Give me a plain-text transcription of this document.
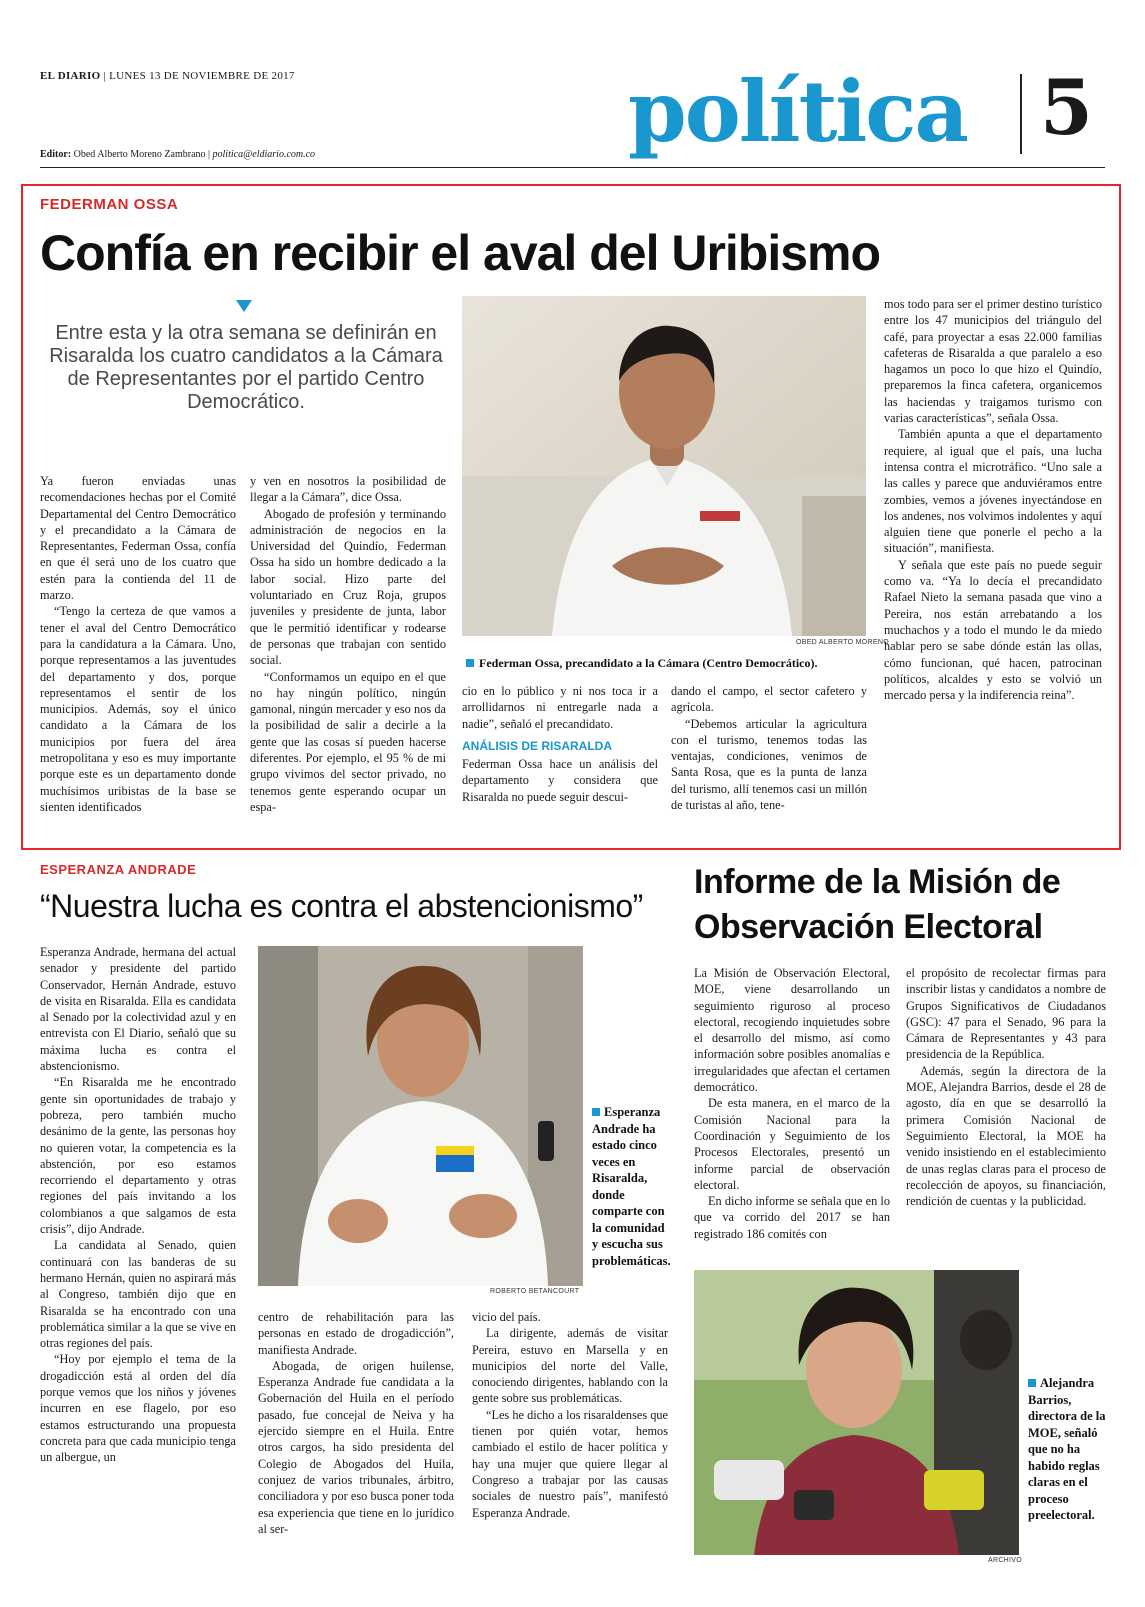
EL DIARIO | LUNES 13 DE NOVIEMBRE DE 2017
Editor: Obed Alberto Moreno Zambrano | politica@eldiario.com.co	política 5
FEDERMAN OSSA
Confía en recibir el aval del Uribismo
Entre esta y la otra semana se definirán en Risaralda los cuatro candidatos a la Cámara de Representantes por el partido Centro Democrático.

Ya fueron enviadas unas recomendaciones hechas por el Comité Departamental del Centro Democrático y el precandidato a la Cámara de Representantes, Federman Ossa, confía en que él será uno de los cuatro que estén para la contienda del 11 de marzo.

“Tengo la certeza de que vamos a tener el aval del Centro Democrático para la candidatura a la Cámara. Uno, porque representamos a las juventudes del departamento y dos, porque representamos el sentir de los municipios. Además, soy el único candidato a la Cámara de los municipios por fuera del área metropolitana y eso es muy importante porque este es un departamento donde muchísimos uribistas de la base se sienten identificados

y ven en nosotros la posibilidad de llegar a la Cámara”, dice Ossa.

Abogado de profesión y terminando administración de negocios en la Universidad del Quindío, Federman Ossa ha sido un hombre dedicado a la labor social. Hizo parte del voluntariado en Cruz Roja, grupos juveniles y presidente de junta, labor que le permitió identificar y rodearse de personas que trabajan con sentido social.

“Conformamos un equipo en el que no hay ningún político, ningún gamonal, ningún mercader y eso nos da la posibilidad de salir a decirle a la gente que las cosas sí pueden hacerse diferentes. Por ejemplo, el 95 % de mi grupo vivimos del sector privado, no tenemos gente esperando ocupar un espa-

OBED ALBERTO MORENO
Federman Ossa, precandidato a la Cámara (Centro Democrático).

cio en lo público y ni nos toca ir a arrollidarnos ni entregarle nada a nadie”, señaló el precandidato.

ANÁLISIS DE RISARALDA

Federman Ossa hace un análisis del departamento y considera que Risaralda no puede seguir descui-

dando el campo, el sector cafetero y agrícola.

“Debemos articular la agricultura con el turismo, tenemos todas las ventajas, condiciones, venimos de Santa Rosa, que es la punta de lanza del turismo, allí tenemos casi un millón de turistas al año, tene-

mos todo para ser el primer destino turístico entre los 47 municipios del triángulo del café, para proyectar a esas 22.000 familias cafeteras de Risaralda a que paralelo a eso hagamos un poco lo que hizo el Quindío, preparemos la finca cafetera, organicemos las haciendas y traigamos turismo con varias características”, señala Ossa.

También apunta a que el departamento requiere, al igual que el país, una lucha intensa contra el microtráfico. “Uno sale a las calles y parece que anduviéramos entre zombies, vemos a jóvenes inyectándose en los andenes, nos volvimos indolentes y aquí alguien tiene que ponerle el pecho a la situación”, manifiesta.

Y señala que este país no puede seguir como va. “Ya lo decía el precandidato Rafael Nieto la semana pasada que vino a Pereira, nos están arrebatando a los muchachos y a todo el mundo le da miedo hablar pero se sabe dónde están las ollas, cómo funcionan, qué hacen, patrocinan políticos, alcaldes y esto se volvió un mercado persa y la indiferencia reina”.

ESPERANZA ANDRADE
“Nuestra lucha es contra el abstencionismo”

Esperanza Andrade, hermana del actual senador y presidente del partido Conservador, Hernán Andrade, estuvo de visita en Risaralda. Ella es candidata al Senado por la colectividad azul y en entrevista con El Diario, señaló que su máxima lucha es contra el abstencionismo.

“En Risaralda me he encontrado gente sin oportunidades de trabajo y pobreza, pero también mucho desánimo de la gente, las personas hoy no quieren votar, la competencia es la abstención, por eso estamos recorriendo el departamento y otras regiones del país invitando a los colombianos a que salgamos de esta crisis”, dijo Andrade.

La candidata al Senado, quien continuará con las banderas de su hermano Hernán, quien no aspirará más al Congreso, también dijo que en Risaralda se ha encontrado con una problemática similar a la que se vive en otras regiones del país.

“Hoy por ejemplo el tema de la drogadicción está al orden del día porque vemos que los niños y jóvenes incurren en ese flagelo, por eso estamos estructurando una propuesta concreta para que cada municipio tenga un albergue, un

ROBERTO BETANCOURT
Esperanza Andrade ha estado cinco veces en Risaralda, donde comparte con la comunidad y escucha sus problemáticas.

centro de rehabilitación para las personas en estado de drogadicción”, manifiesta Andrade.

Abogada, de origen huilense, Esperanza Andrade fue candidata a la Gobernación del Huila en el período pasado, fue concejal de Neiva y ha ejercido siempre en el Huila. Entre otros cargos, ha sido presidenta del Colegio de Abogados del Huila, conjuez de varios tribunales, árbitro, conciliadora y por eso busca poner toda esa experiencia que tiene en lo jurídico al ser-

vicio del país.

La dirigente, además de visitar Pereira, estuvo en Marsella y en municipios del norte del Valle, conociendo dirigentes, hablando con la gente sobre sus problemáticas.

“Les he dicho a los risaraldenses que tienen por quién votar, hemos cambiado el estilo de hacer política y hay una mujer que quiere llegar al Congreso a trabajar por las causas sociales de nuestro país”, manifestó Esperanza Andrade.

Informe de la Misión de
Observación Electoral

La Misión de Observación Electoral, MOE, viene desarrollando un seguimiento riguroso al proceso electoral, recogiendo inquietudes sobre el desarrollo del mismo, así como información sobre posibles anomalías e irregularidades que afectan el certamen democrático.

De esta manera, en el marco de la Comisión Nacional para la Coordinación y Seguimiento de los Procesos Electorales, presentó un informe parcial de observación electoral.

En dicho informe se señala que en lo que va corrido del 2017 se han registrado 186 comités con

el propósito de recolectar firmas para inscribir listas y candidatos a nombre de Grupos Significativos de Ciudadanos (GSC): 47 para el Senado, 96 para la Cámara de Representantes y 43 para presidencia de la República.

Además, según la directora de la MOE, Alejandra Barrios, desde el 28 de agosto, día en que se desarrolló la primera Comisión Nacional de Seguimiento Electoral, la MOE ha venido insistiendo en el establecimiento de unas reglas claras para el proceso de recolección de apoyos, su financiación, rendición de cuentas y la publicidad.

ARCHIVO
Alejandra Barrios, directora de la MOE, señaló que no ha habido reglas claras en el proceso preelectoral.
